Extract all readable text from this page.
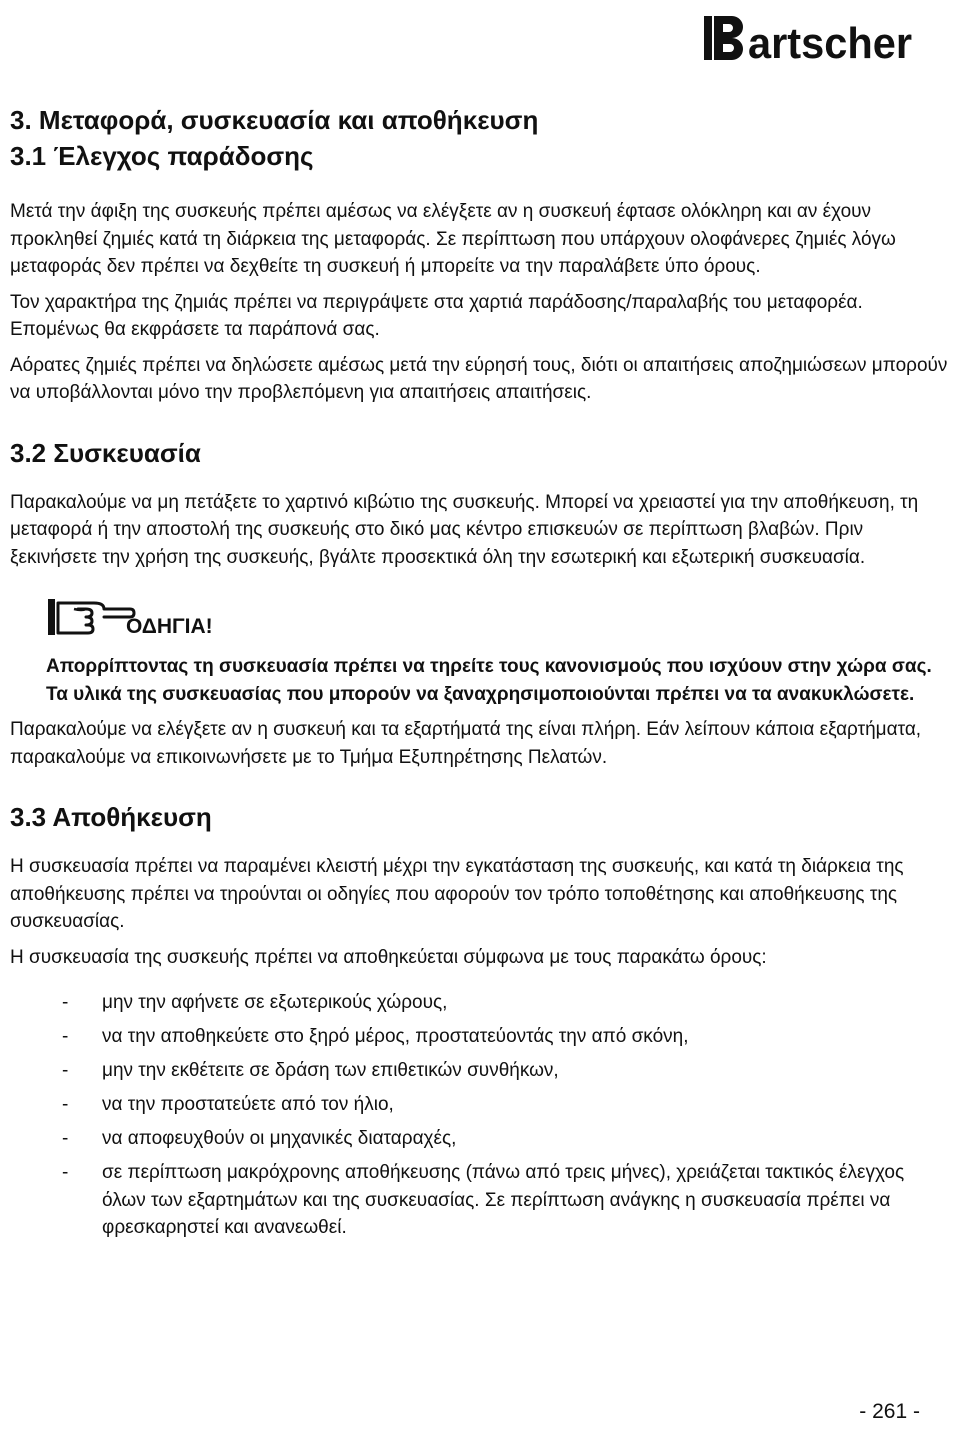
artscher
3. Μεταφορά, συσκευασία και αποθήκευση
3.1 Έλεγχος παράδοσης

Μετά την άφιξη της συσκευής πρέπει αμέσως να ελέγξετε αν η συσκευή έφτασε ολόκληρη και αν έχουν προκληθεί ζημιές κατά τη διάρκεια της μεταφοράς. Σε περίπτωση που υπάρχουν ολοφάνερες ζημιές λόγω μεταφοράς δεν πρέπει να δεχθείτε τη συσκευή ή μπορείτε να την παραλάβετε ύπο όρους.

Τον χαρακτήρα της ζημιάς πρέπει να περιγράψετε στα χαρτιά παράδοσης/παραλαβής του μεταφορέα. Επομένως θα εκφράσετε τα παράπονά σας.

Αόρατες ζημιές πρέπει να δηλώσετε αμέσως μετά την εύρησή τους, διότι οι απαιτήσεις αποζημιώσεων μπορούν να υποβάλλονται μόνο την προβλεπόμενη για απαιτήσεις απαιτήσεις.

3.2 Συσκευασία

Παρακαλούμε να μη πετάξετε το χαρτινό κιβώτιο της συσκευής. Μπορεί να χρειαστεί για την αποθήκευση, τη μεταφορά ή την αποστολή της συσκευής στο δικό μας κέντρο επισκευών σε περίπτωση βλαβών. Πριν ξεκινήσετε την χρήση της συσκευής, βγάλτε προσεκτικά όλη την εσωτερική και εξωτερική συσκευασία.

ΟΔΗΓΙΑ!
Απορρίπτοντας τη συσκευασία πρέπει να τηρείτε τους κανονισμούς που ισχύουν στην χώρα σας. Τα υλικά της συσκευασίας που μπορούν να ξαναχρησιμοποιούνται πρέπει να τα ανακυκλώσετε.

Παρακαλούμε να ελέγξετε αν η συσκευή και τα εξαρτήματά της είναι πλήρη. Εάν λείπουν κάποια εξαρτήματα, παρακαλούμε να επικοινωνήσετε με το Τμήμα Εξυπηρέτησης Πελατών.

3.3 Αποθήκευση

Η συσκευασία πρέπει να παραμένει κλειστή μέχρι την εγκατάσταση της συσκευής, και κατά τη διάρκεια της αποθήκευσης πρέπει να τηρούνται οι οδηγίες που αφορούν τον τρόπο τοποθέτησης και αποθήκευσης της συσκευασίας.

Η συσκευασία της συσκευής πρέπει να αποθηκεύεται σύμφωνα με τους παρακάτω όρους:

- μην την αφήνετε σε εξωτερικούς χώρους,
- να την αποθηκεύετε στο ξηρό μέρος, προστατεύοντάς την από σκόνη,
- μην την εκθέτειτε σε δράση των επιθετικών συνθήκων,
- να την προστατεύετε από τον ήλιο,
- να αποφευχθούν οι μηχανικές διαταραχές,
- σε περίπτωση μακρόχρονης αποθήκευσης (πάνω από τρεις μήνες), χρειάζεται τακτικός έλεγχος όλων των εξαρτημάτων και της συσκευασίας. Σε περίπτωση ανάγκης η συσκευασία πρέπει να φρεσκαρηστεί και ανανεωθεί.
- 261 -
